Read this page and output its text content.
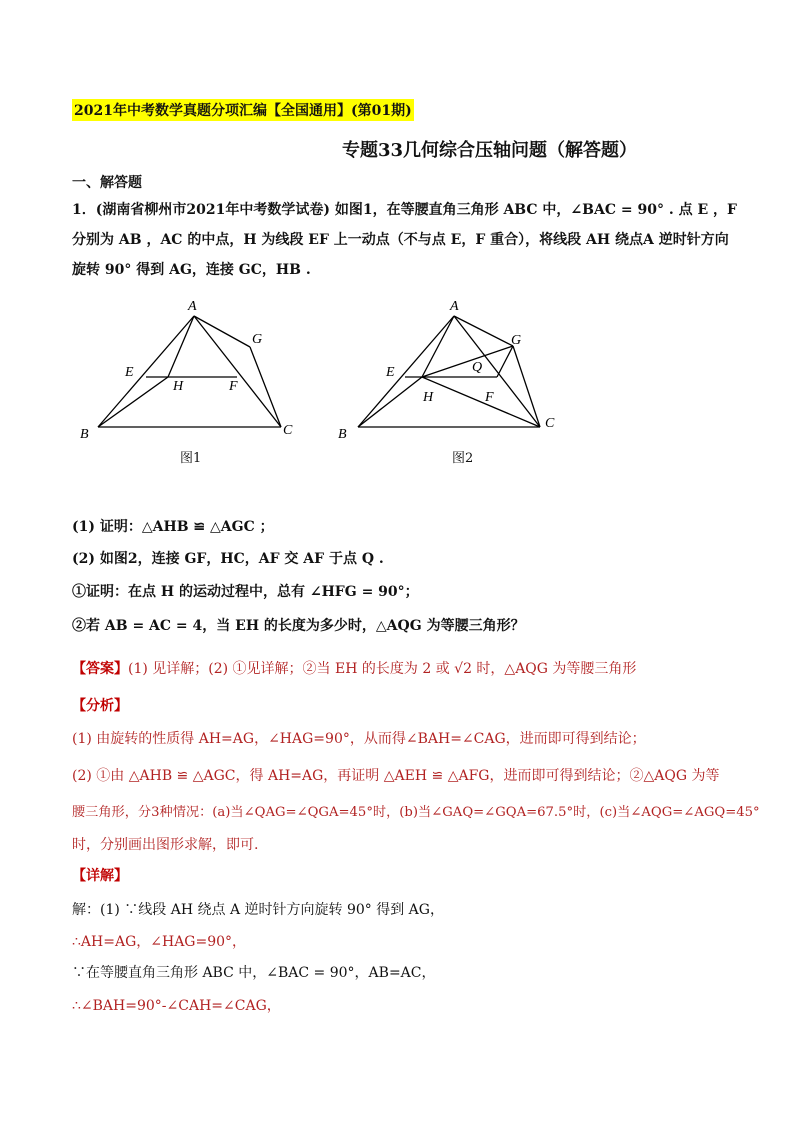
2021年中考数学真题分项汇编【全国通用】(第01期)
专题33几何综合压轴问题（解答题）
一、解答题
1．(湖南省柳州市2021年中考数学试卷) 如图1，在等腰直角三角形 ABC 中，∠BAC = 90° . 点 E ，F
分别为 AB ，AC 的中点，H 为线段 EF 上一动点（不与点 E，F 重合），将线段 AH 绕点A 逆时针方向
旋转 90° 得到 AG，连接 GC，HB .
A
B	C
E
F
G
H
图1
A
B
C
E
F
G
H
Q
图2
(1) 证明：△AHB ≌ △AGC ；
(2) 如图2，连接 GF，HC，AF 交 AF 于点 Q .
①证明：在点 H 的运动过程中，总有 ∠HFG = 90°；
②若 AB = AC = 4，当 EH 的长度为多少时，△AQG 为等腰三角形？
【答案】(1) 见详解；(2) ①见详解；②当 EH 的长度为 2 或 √2 时，△AQG 为等腰三角形
【分析】
(1) 由旋转的性质得 AH=AG，∠HAG=90°，从而得∠BAH=∠CAG，进而即可得到结论；
(2) ①由 △AHB ≌ △AGC，得 AH=AG，再证明 △AEH ≌ △AFG，进而即可得到结论；②△AQG 为等
腰三角形，分3种情况：(a)当∠QAG=∠QGA=45°时，(b)当∠GAQ=∠GQA=67.5°时，(c)当∠AQG=∠AGQ=45°
时，分别画出图形求解，即可.
【详解】
解：(1) ∵线段 AH 绕点 A 逆时针方向旋转 90° 得到 AG，
∴AH=AG，∠HAG=90°，
∵在等腰直角三角形 ABC 中，∠BAC = 90°，AB=AC，
∴∠BAH=90°-∠CAH=∠CAG，
